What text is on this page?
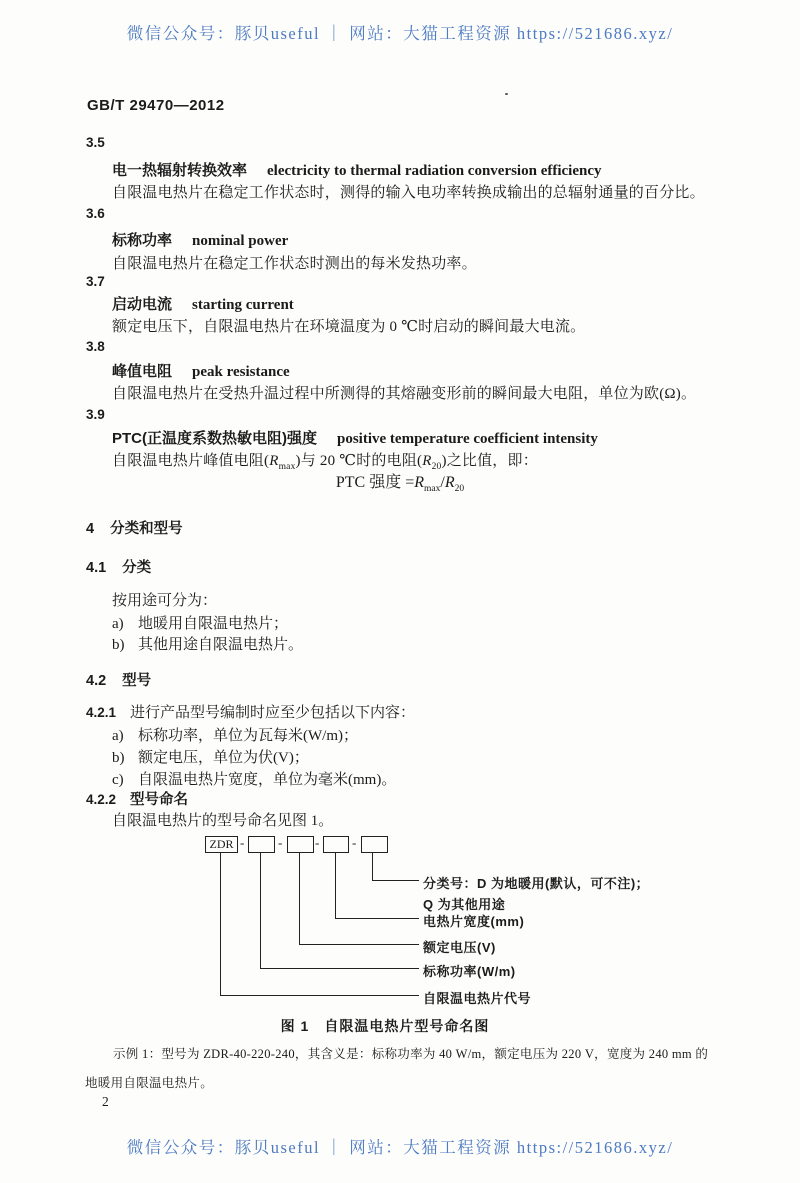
微信公众号：豚贝useful ｜ 网站：大猫工程资源 https://521686.xyz/
GB/T 29470—2012
3.5
电一热辐射转换效率 electricity to thermal radiation conversion efficiency
自限温电热片在稳定工作状态时，测得的输入电功率转换成输出的总辐射通量的百分比。
3.6
标称功率 nominal power
自限温电热片在稳定工作状态时测出的每米发热功率。
3.7
启动电流 starting current
额定电压下，自限温电热片在环境温度为 0 ℃时启动的瞬间最大电流。
3.8
峰值电阻 peak resistance
自限温电热片在受热升温过程中所测得的其熔融变形前的瞬间最大电阻，单位为欧(Ω)。
3.9
PTC(正温度系数热敏电阻)强度 positive temperature coefficient intensity
自限温电热片峰值电阻$(R_{max})$与 20 ℃时的电阻$(R_{20})$之比值，即：
PTC 强度 $=R_{max}/R_{20}$
4 分类和型号
4.1 分类
按用途可分为：
a) 地暖用自限温电热片；
b) 其他用途自限温电热片。
4.2 型号
4.2.1 进行产品型号编制时应至少包括以下内容：
a) 标称功率，单位为瓦每米(W/m)；
b) 额定电压，单位为伏(V)；
c) 自限温电热片宽度，单位为毫米(mm)。
4.2.2 型号命名
自限温电热片的型号命名见图 1。
ZDR -	-	-	-
分类号：D 为地暖用(默认，可不注)；
Q 为其他用途
电热片宽度(mm)
额定电压(V)
标称功率(W/m)
自限温电热片代号
图 1　自限温电热片型号命名图
示例 1：型号为 ZDR-40-220-240，其含义是：标称功率为 40 W/m，额定电压为 220 V，宽度为 240 mm 的地暖用自限温电热片。
2
微信公众号：豚贝useful ｜ 网站：大猫工程资源 https://521686.xyz/
